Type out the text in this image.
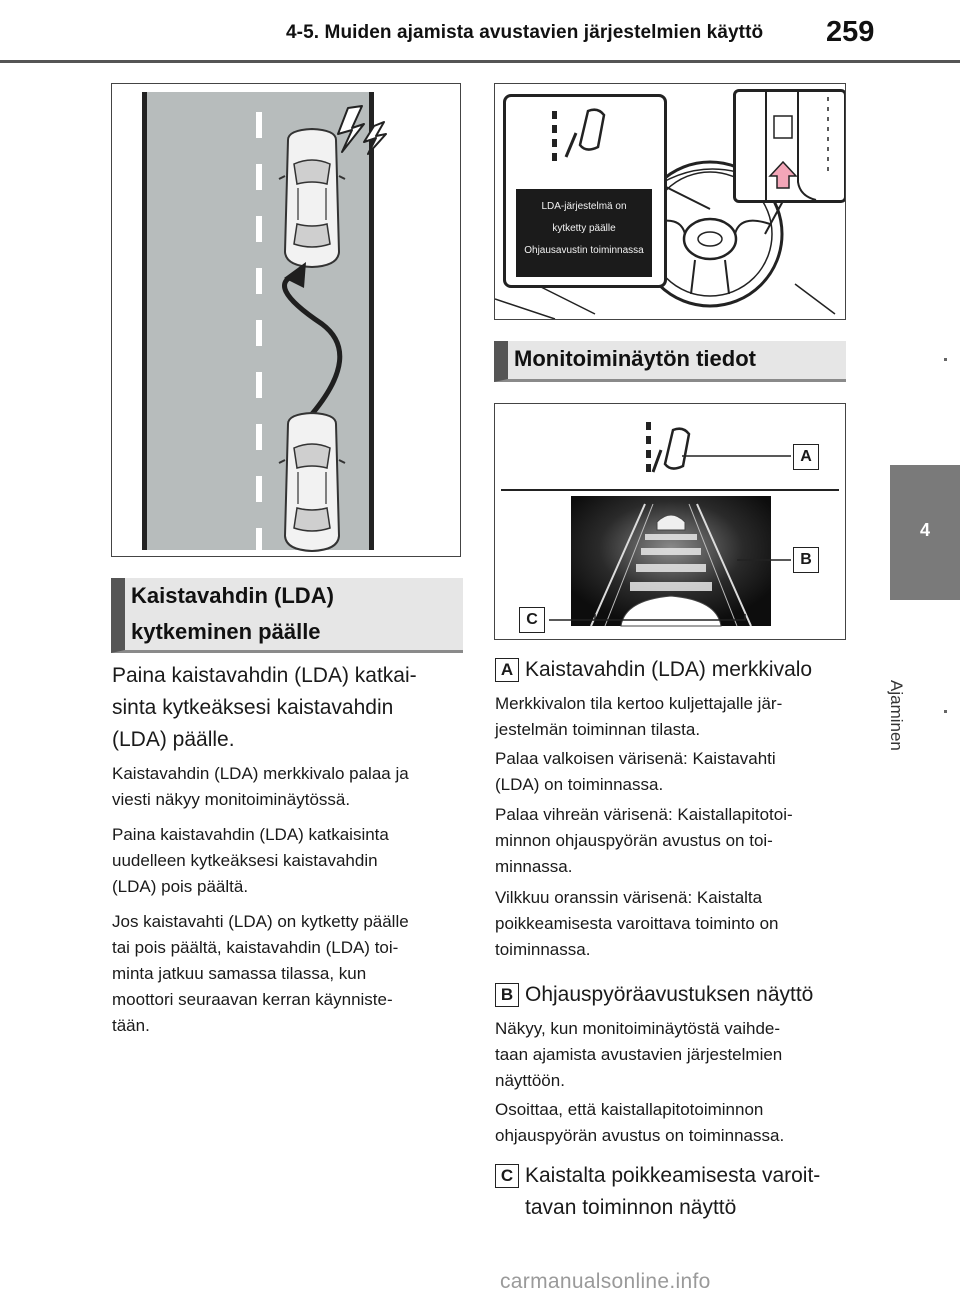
4-5. Muiden ajamista avustavien järjestelmien käyttö 259
4
Ajaminen
Kaistavahdin (LDA)
kytkeminen päälle
Paina kaistavahdin (LDA) katkai-
sinta kytkeäksesi kaistavahdin
(LDA) päälle.
Kaistavahdin (LDA) merkkivalo palaa ja
viesti näkyy monitoiminäytössä.
Paina kaistavahdin (LDA) katkaisinta
uudelleen kytkeäksesi kaistavahdin
(LDA) pois päältä.
Jos kaistavahti (LDA) on kytketty päälle
tai pois päältä, kaistavahdin (LDA) toi-
minta jatkuu samassa tilassa, kun
moottori seuraavan kerran käynniste-
tään.
LDA-järjestelmä on
kytketty päälle
Ohjausavustin toiminnassa
Monitoiminäytön tiedot
A
B
C
A Kaistavahdin (LDA) merkkivalo
Merkkivalon tila kertoo kuljettajalle jär-
jestelmän toiminnan tilasta.
Palaa valkoisen värisenä: Kaistavahti
(LDA) on toiminnassa.
Palaa vihreän värisenä: Kaistallapitotoi-
minnon ohjauspyörän avustus on toi-
minnassa.
Vilkkuu oranssin värisenä: Kaistalta
poikkeamisesta varoittava toiminto on
toiminnassa.
B Ohjauspyöräavustuksen näyttö
Näkyy, kun monitoiminäytöstä vaihde-
taan ajamista avustavien järjestelmien
näyttöön.
Osoittaa, että kaistallapitotoiminnon
ohjauspyörän avustus on toiminnassa.
C Kaistalta poikkeamisesta varoit-
tavan toiminnon näyttö
carmanualsonline.info
